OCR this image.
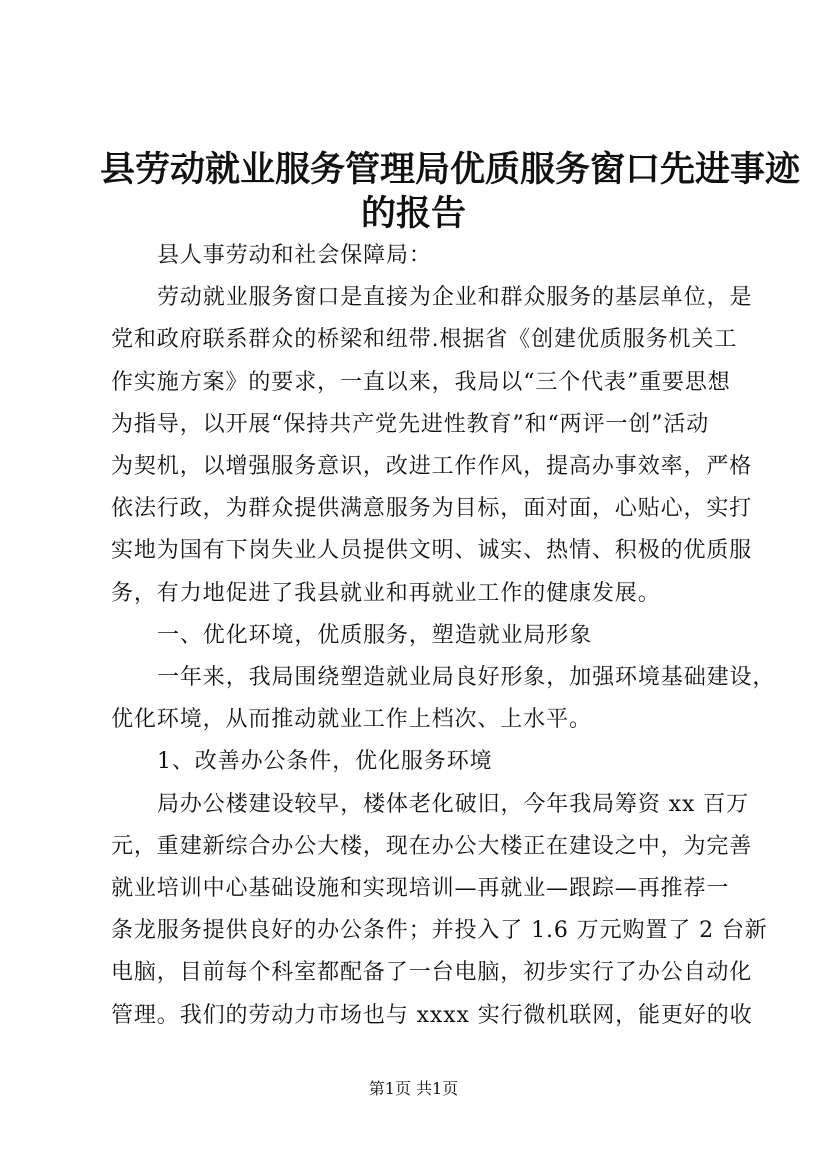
县劳动就业服务管理局优质服务窗口先进事迹
的报告

县人事劳动和社会保障局：

劳动就业服务窗口是直接为企业和群众服务的基层单位，是
党和政府联系群众的桥梁和纽带.根据省《创建优质服务机关工
作实施方案》的要求，一直以来，我局以“三个代表”重要思想
为指导，以开展“保持共产党先进性教育”和“两评一创”活动
为契机，以增强服务意识，改进工作作风，提高办事效率，严格
依法行政，为群众提供满意服务为目标，面对面，心贴心，实打
实地为国有下岗失业人员提供文明、诚实、热情、积极的优质服
务，有力地促进了我县就业和再就业工作的健康发展。

一、优化环境，优质服务，塑造就业局形象

一年来，我局围绕塑造就业局良好形象，加强环境基础建设，
优化环境，从而推动就业工作上档次、上水平。

1、改善办公条件，优化服务环境

局办公楼建设较早，楼体老化破旧，今年我局筹资 xx 百万
元，重建新综合办公大楼，现在办公大楼正在建设之中，为完善
就业培训中心基础设施和实现培训—再就业—跟踪—再推荐一
条龙服务提供良好的办公条件；并投入了 1.6 万元购置了 2 台新
电脑，目前每个科室都配备了一台电脑，初步实行了办公自动化
管理。我们的劳动力市场也与 xxxx 实行微机联网，能更好的收

第1页 共1页
